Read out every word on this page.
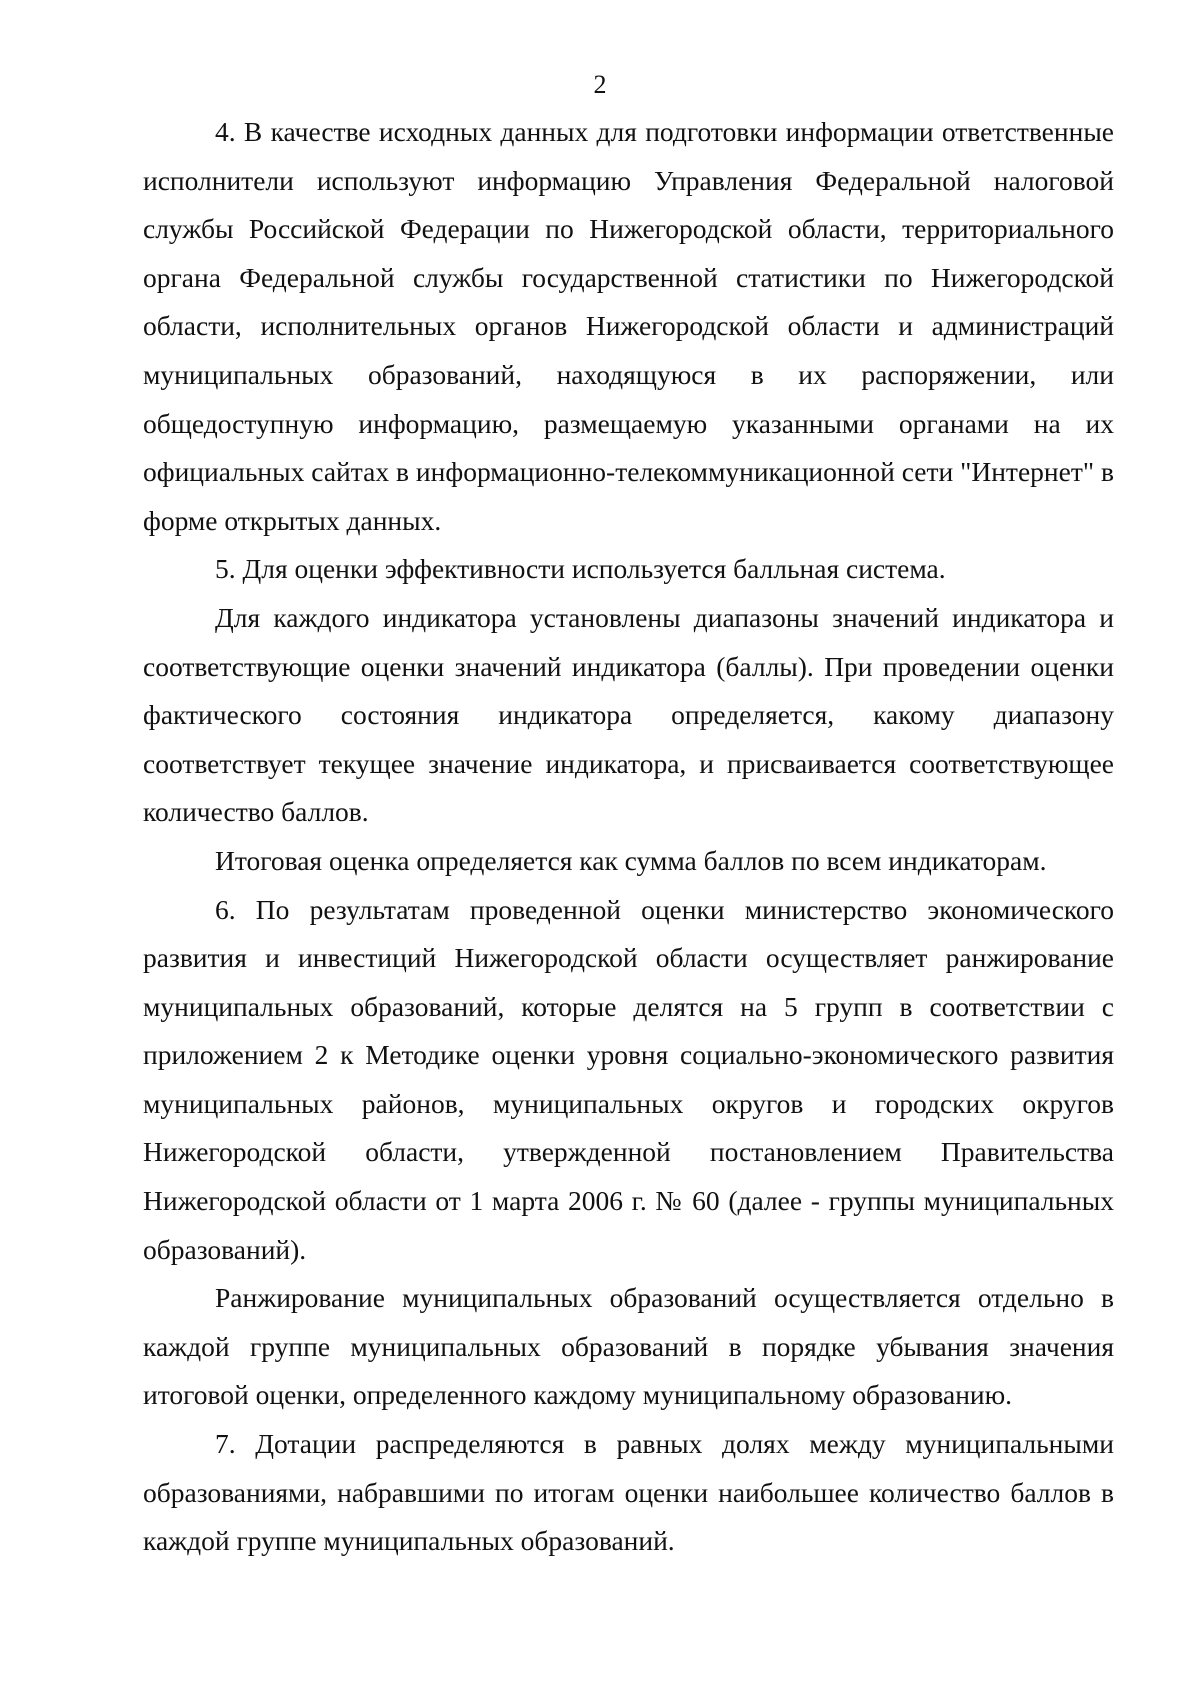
2

4. В качестве исходных данных для подготовки информации ответственные исполнители используют информацию Управления Федеральной налоговой службы Российской Федерации по Нижегородской области, территориального органа Федеральной службы государственной статистики по Нижегородской области, исполнительных органов Нижегородской области и администраций муниципальных образований, находящуюся в их распоряжении, или общедоступную информацию, размещаемую указанными органами на их официальных сайтах в информационно-телекоммуникационной сети "Интернет" в форме открытых данных.

5. Для оценки эффективности используется балльная система.

Для каждого индикатора установлены диапазоны значений индикатора и соответствующие оценки значений индикатора (баллы). При проведении оценки фактического состояния индикатора определяется, какому диапазону соответствует текущее значение индикатора, и присваивается соответствующее количество баллов.

Итоговая оценка определяется как сумма баллов по всем индикаторам.

6. По результатам проведенной оценки министерство экономического развития и инвестиций Нижегородской области осуществляет ранжирование муниципальных образований, которые делятся на 5 групп в соответствии с приложением 2 к Методике оценки уровня социально-экономического развития муниципальных районов, муниципальных округов и городских округов Нижегородской области, утвержденной постановлением Правительства Нижегородской области от 1 марта 2006 г. № 60 (далее - группы муниципальных образований).

Ранжирование муниципальных образований осуществляется отдельно в каждой группе муниципальных образований в порядке убывания значения итоговой оценки, определенного каждому муниципальному образованию.

7. Дотации распределяются в равных долях между муниципальными образованиями, набравшими по итогам оценки наибольшее количество баллов в каждой группе муниципальных образований.
